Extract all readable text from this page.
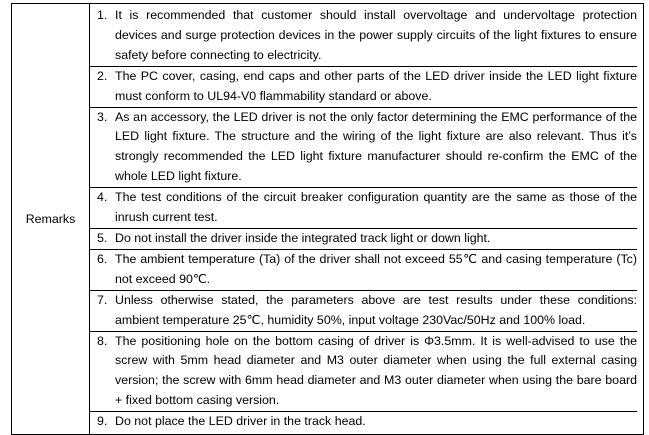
Remarks	
1. It is recommended that customer should install overvoltage and undervoltage protection devices and surge protection devices in the power supply circuits of the light fixtures to ensure safety before connecting to electricity.
2. The PC cover, casing, end caps and other parts of the LED driver inside the LED light fixture must conform to UL94-V0 flammability standard or above.
3. As an accessory, the LED driver is not the only factor determining the EMC performance of the LED light fixture. The structure and the wiring of the light fixture are also relevant. Thus it’s strongly recommended the LED light fixture manufacturer should re-confirm the EMC of the whole LED light fixture.
4. The test conditions of the circuit breaker configuration quantity are the same as those of the inrush current test.
5. Do not install the driver inside the integrated track light or down light.
6. The ambient temperature (Ta) of the driver shall not exceed 55℃ and casing temperature (Tc) not exceed 90℃.
7. Unless otherwise stated, the parameters above are test results under these conditions: ambient temperature 25℃, humidity 50%, input voltage 230Vac/50Hz and 100% load.
8. The positioning hole on the bottom casing of driver is Φ3.5mm. It is well-advised to use the screw with 5mm head diameter and M3 outer diameter when using the full external casing version; the screw with 6mm head diameter and M3 outer diameter when using the bare board + fixed bottom casing version.
9. Do not place the LED driver in the track head.
